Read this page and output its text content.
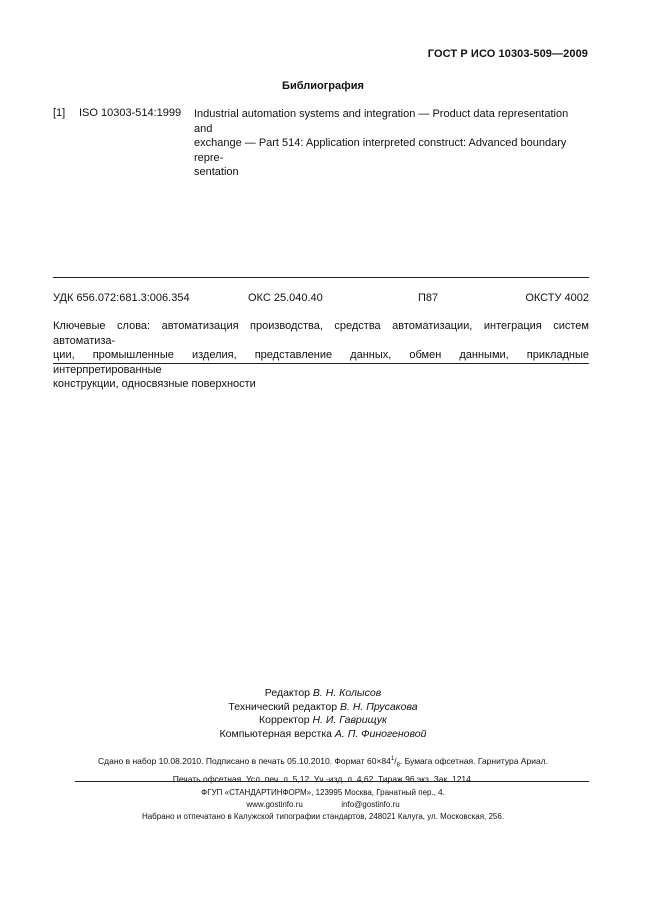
ГОСТ Р ИСО 10303-509—2009
Библиография
[1] ISO 10303-514:1999 Industrial automation systems and integration — Product data representation and
exchange — Part 514: Application interpreted construct: Advanced boundary repre-
sentation
УДК 656.072:681.3:006.354	ОКС 25.040.40	П87	ОКСТУ 4002
Ключевые слова: автоматизация производства, средства автоматизации, интеграция систем автоматиза-
ции, промышленные изделия, представление данных, обмен данными, прикладные интерпретированные
конструкции, односвязные поверхности
Редактор В. Н. Колысов
Технический редактор В. Н. Прусакова
Корректор Н. И. Гаврищук
Компьютерная верстка А. П. Финогеновой
Сдано в набор 10.08.2010. Подписано в печать 05.10.2010. Формат $60\times 84^1/_8$. Бумага офсетная. Гарнитура Ариал.
Печать офсетная. Усл. печ. л. 5,12. Уч.-изд. л. 4,62. Тираж 96 экз. Зак. 1214.
ФГУП «СТАНДАРТИНФОРМ», 123995 Москва, Гранатный пер., 4.
www.gostinfo.ru	info@gostinfo.ru
Набрано и отпечатано в Калужской типографии стандартов, 248021 Калуга, ул. Московская, 256.
